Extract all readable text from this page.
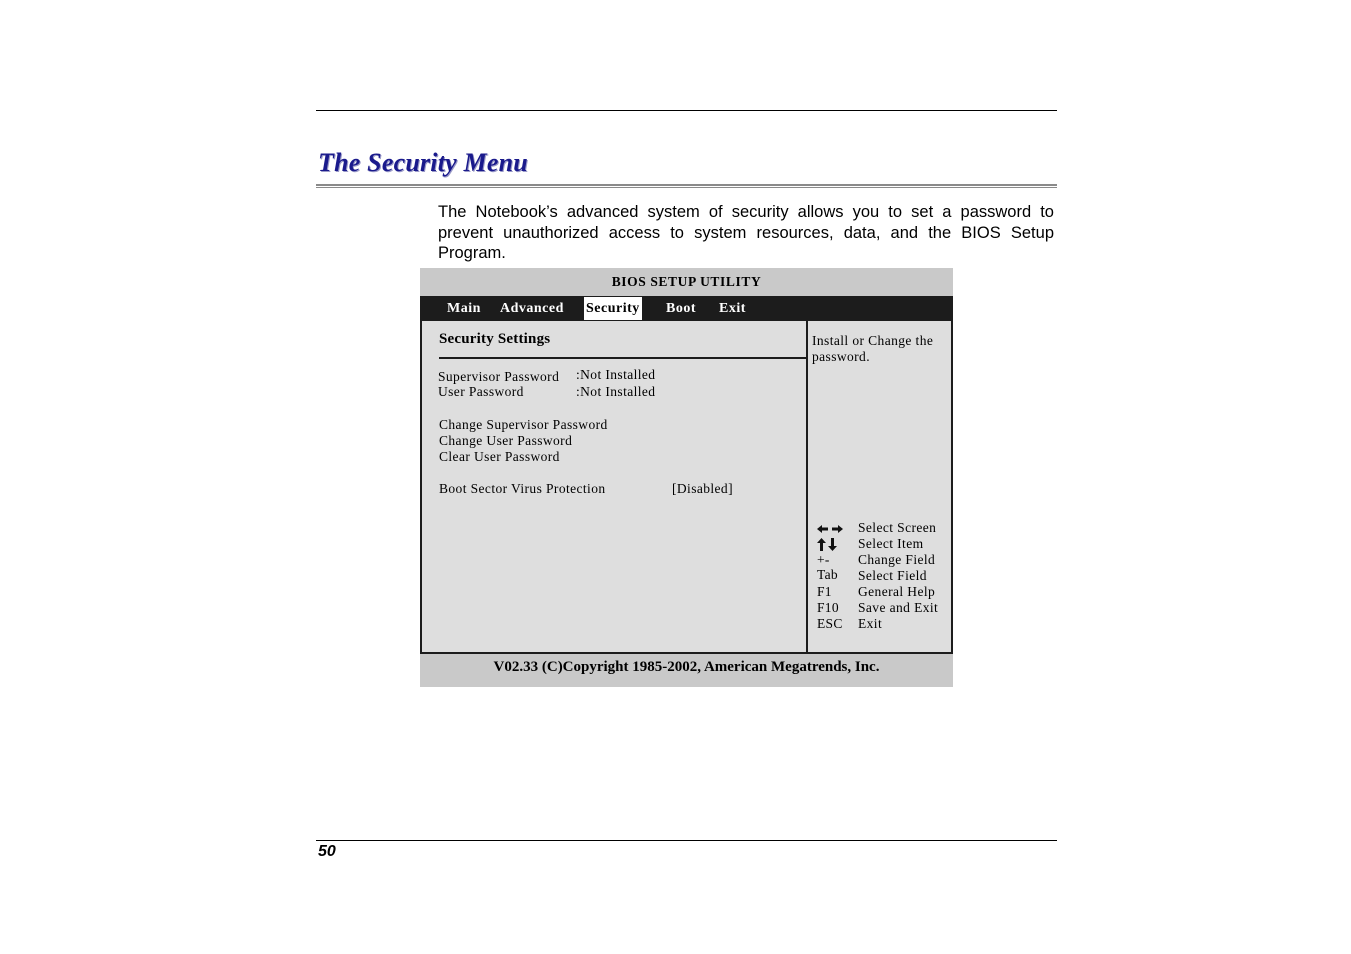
The Security Menu

The Notebook’s advanced system of security allows you to set a password to prevent unauthorized access to system resources, data, and the BIOS Setup Program.

BIOS SETUP UTILITY
Main Advanced Security Boot Exit
Security Settings
Supervisor Password :Not Installed
User Password	:Not Installed
Change Supervisor Password
Change User Password
Clear User Password
Boot Sector Virus Protection	[Disabled]
Install or Change the password.
Select Screen
Select Item
+- Change Field
Tab Select Field
F1 General Help
F10 Save and Exit
ESC Exit
V02.33 (C)Copyright 1985-2002, American Megatrends, Inc.
50
